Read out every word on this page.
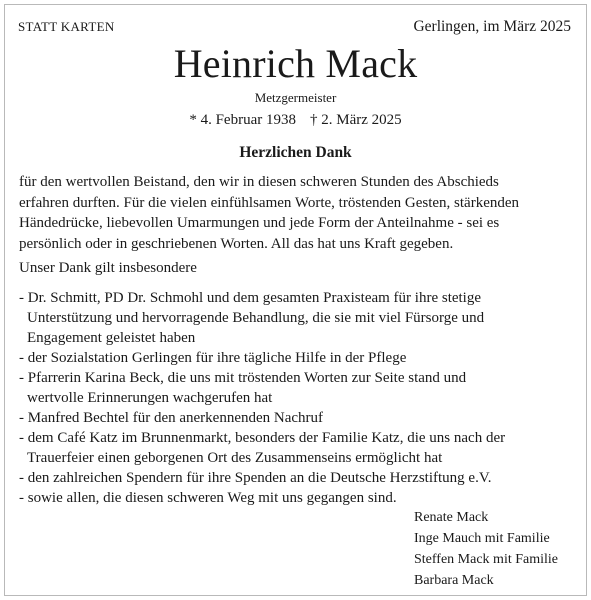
STATT KARTEN	Gerlingen, im März 2025
Heinrich Mack
Metzgermeister
* 4. Februar 1938 † 2. März 2025
Herzlichen Dank
für den wertvollen Beistand, den wir in diesen schweren Stunden des Abschieds
erfahren durften. Für die vielen einfühlsamen Worte, tröstenden Gesten, stärkenden
Händedrücke, liebevollen Umarmungen und jede Form der Anteilnahme - sei es
persönlich oder in geschriebenen Worten. All das hat uns Kraft gegeben.
Unser Dank gilt insbesondere
- Dr. Schmitt, PD Dr. Schmohl und dem gesamten Praxisteam für ihre stetige
Unterstützung und hervorragende Behandlung, die sie mit viel Fürsorge und
Engagement geleistet haben
- der Sozialstation Gerlingen für ihre tägliche Hilfe in der Pflege
- Pfarrerin Karina Beck, die uns mit tröstenden Worten zur Seite stand und
wertvolle Erinnerungen wachgerufen hat
- Manfred Bechtel für den anerkennenden Nachruf
- dem Café Katz im Brunnenmarkt, besonders der Familie Katz, die uns nach der
Trauerfeier einen geborgenen Ort des Zusammenseins ermöglicht hat
- den zahlreichen Spendern für ihre Spenden an die Deutsche Herzstiftung e.V.
- sowie allen, die diesen schweren Weg mit uns gegangen sind.
Renate Mack
Inge Mauch mit Familie
Steffen Mack mit Familie
Barbara Mack
